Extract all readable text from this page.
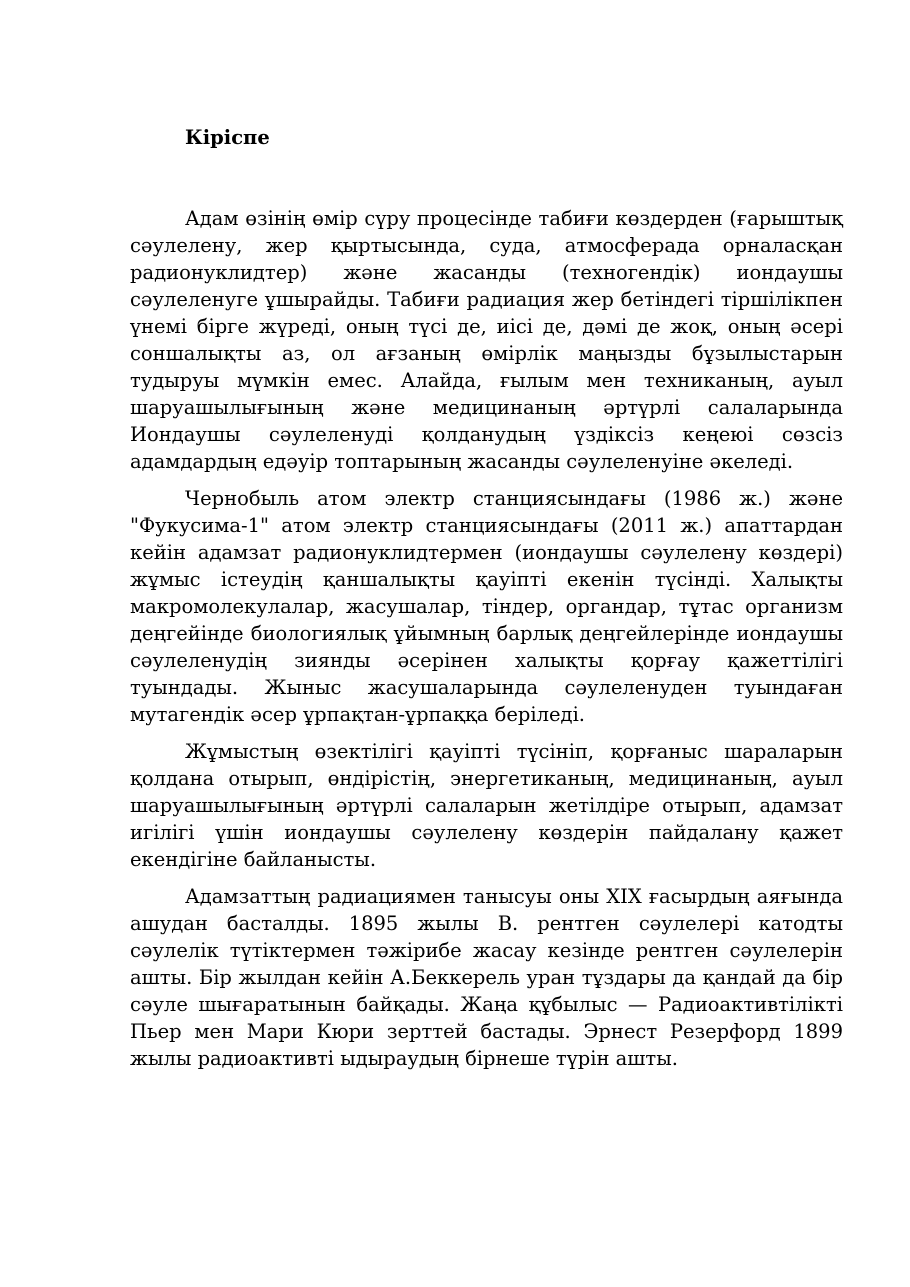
Кіріспе

Адам өзінің өмір сүру процесінде табиғи көздерден (ғарыштық сәулелену, жер қыртысында, суда, атмосферада орналасқан радионуклидтер) және жасанды (техногендік) иондаушы сәулеленуге ұшырайды. Табиғи радиация жер бетіндегі тіршілікпен үнемі бірге жүреді, оның түсі де, иісі де, дәмі де жоқ, оның әсері соншалықты аз, ол ағзаның өмірлік маңызды бұзылыстарын тудыруы мүмкін емес. Алайда, ғылым мен техниканың, ауыл шаруашылығының және медицинаның әртүрлі салаларында Иондаушы сәулеленуді қолданудың үздіксіз кеңеюі сөзсіз адамдардың едәуір топтарының жасанды сәулеленуіне әкеледі.

Чернобыль атом электр станциясындағы (1986 ж.) және "Фукусима-1" атом электр станциясындағы (2011 ж.) апаттардан кейін адамзат радионуклидтермен (иондаушы сәулелену көздері) жұмыс істеудің қаншалықты қауіпті екенін түсінді. Халықты макромолекулалар, жасушалар, тіндер, органдар, тұтас организм деңгейінде биологиялық ұйымның барлық деңгейлерінде иондаушы сәулеленудің зиянды әсерінен халықты қорғау қажеттілігі туындады. Жыныс жасушаларында сәулеленуден туындаған мутагендік әсер ұрпақтан-ұрпаққа беріледі.

Жұмыстың өзектілігі қауіпті түсініп, қорғаныс шараларын қолдана отырып, өндірістің, энергетиканың, медицинаның, ауыл шаруашылығының әртүрлі салаларын жетілдіре отырып, адамзат игілігі үшін иондаушы сәулелену көздерін пайдалану қажет екендігіне байланысты.

Адамзаттың радиациямен танысуы оны XIX ғасырдың аяғында ашудан басталды. 1895 жылы В. рентген сәулелері катодты сәулелік түтіктермен тәжірибе жасау кезінде рентген сәулелерін ашты. Бір жылдан кейін А.Беккерель уран тұздары да қандай да бір сәуле шығаратынын байқады. Жаңа құбылыс — Радиоактивтілікті Пьер мен Мари Кюри зерттей бастады. Эрнест Резерфорд 1899 жылы радиоактивті ыдыраудың бірнеше түрін ашты.
